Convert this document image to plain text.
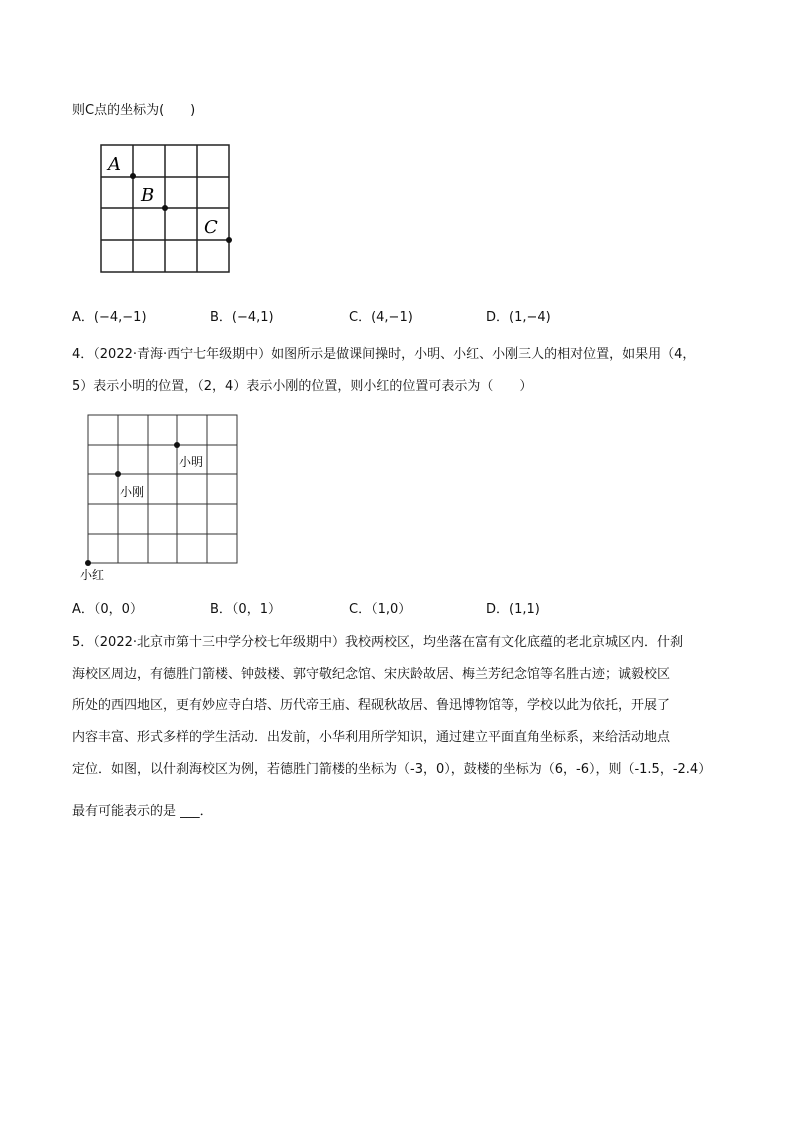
则C点的坐标为(　　)
A
B
C
A．(−4,−1)	B．(−4,1)	C．(4,−1)	D．(1,−4)
4．（2022·青海·西宁七年级期中）如图所示是做课间操时，小明、小红、小刚三人的相对位置，如果用（4，
5）表示小明的位置，（2，4）表示小刚的位置，则小红的位置可表示为（　　）
小明
小刚
小红
A．（0，0）	B．（0，1）	C．（1,0）	D．(1,1)
5．（2022·北京市第十三中学分校七年级期中）我校两校区，均坐落在富有文化底蕴的老北京城区内．什刹
海校区周边，有德胜门箭楼、钟鼓楼、郭守敬纪念馆、宋庆龄故居、梅兰芳纪念馆等名胜古迹；诚毅校区
所处的西四地区，更有妙应寺白塔、历代帝王庙、程砚秋故居、鲁迅博物馆等，学校以此为依托，开展了
内容丰富、形式多样的学生活动．出发前，小华利用所学知识，通过建立平面直角坐标系，来给活动地点
定位．如图，以什刹海校区为例，若德胜门箭楼的坐标为（-3，0），鼓楼的坐标为（6，-6），则（-1.5，-2.4）
最有可能表示的是 ___．
